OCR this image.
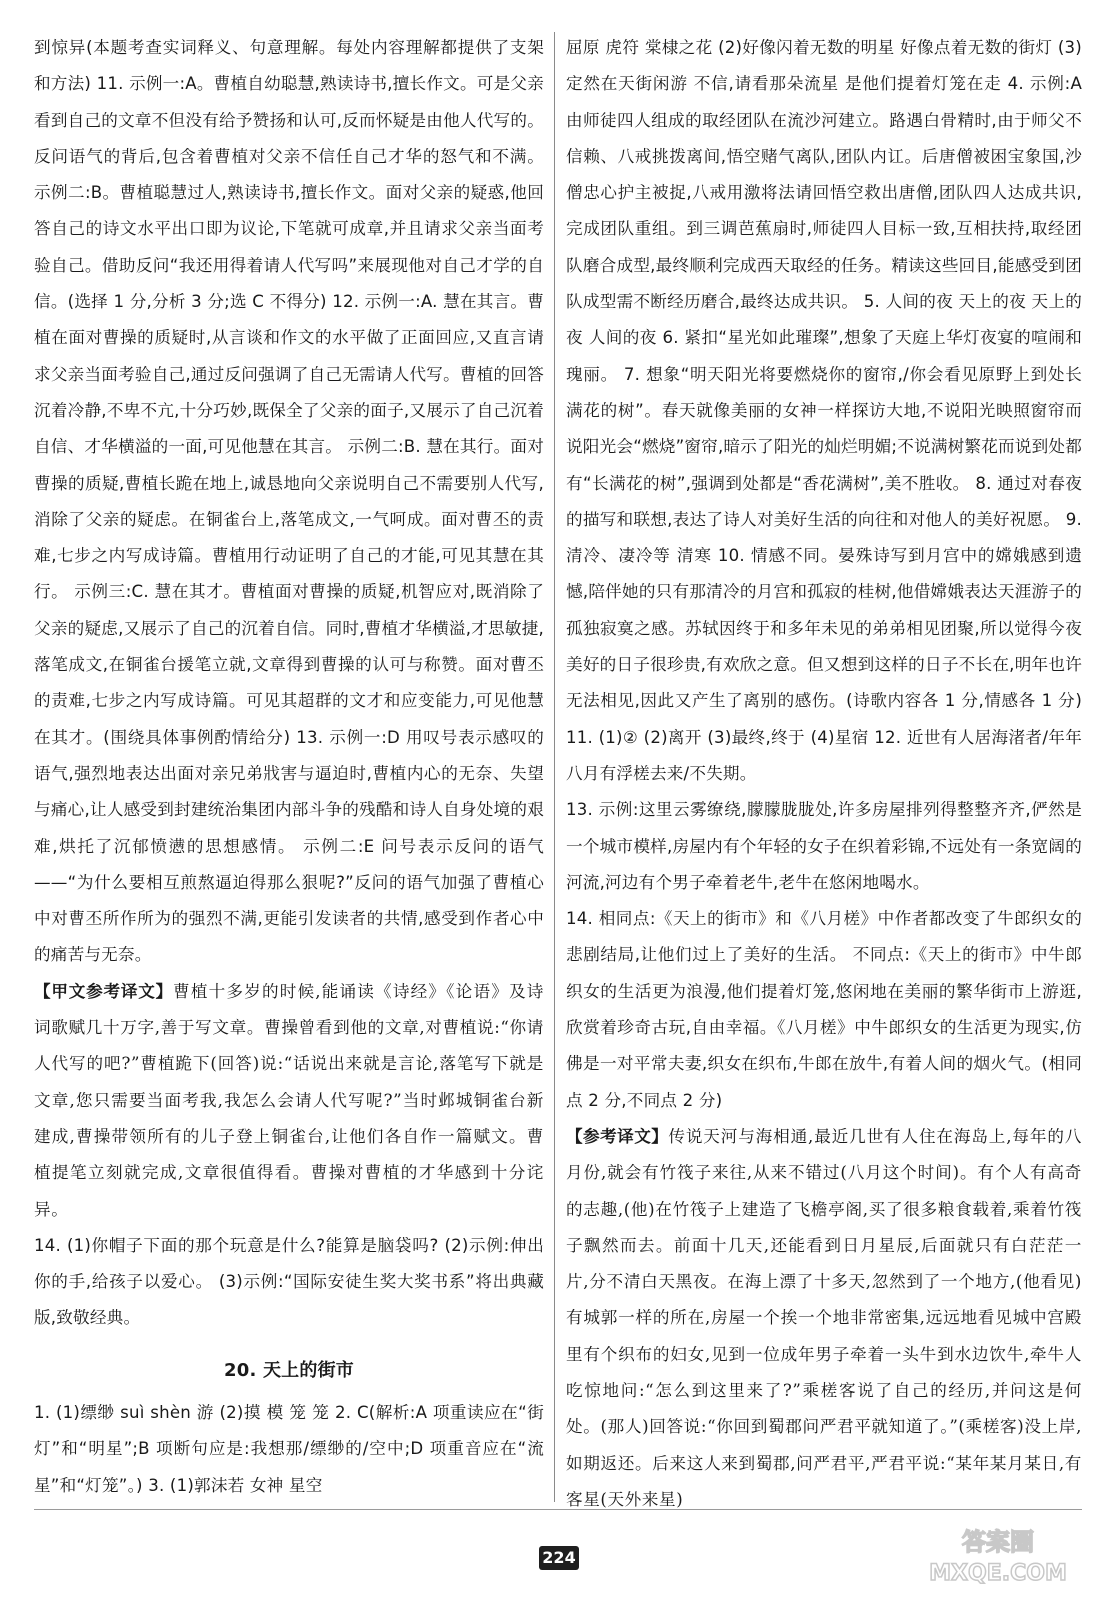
到惊异(本题考查实词释义、句意理解。每处内容理解都提供了支架和方法) 11. 示例一:A。曹植自幼聪慧,熟读诗书,擅长作文。可是父亲看到自己的文章不但没有给予赞扬和认可,反而怀疑是由他人代写的。反问语气的背后,包含着曹植对父亲不信任自己才华的怒气和不满。 示例二:B。曹植聪慧过人,熟读诗书,擅长作文。面对父亲的疑惑,他回答自己的诗文水平出口即为议论,下笔就可成章,并且请求父亲当面考验自己。借助反问“我还用得着请人代写吗”来展现他对自己才学的自信。(选择 1 分,分析 3 分;选 C 不得分) 12. 示例一:A. 慧在其言。曹植在面对曹操的质疑时,从言谈和作文的水平做了正面回应,又直言请求父亲当面考验自己,通过反问强调了自己无需请人代写。曹植的回答沉着冷静,不卑不亢,十分巧妙,既保全了父亲的面子,又展示了自己沉着自信、才华横溢的一面,可见他慧在其言。 示例二:B. 慧在其行。面对曹操的质疑,曹植长跪在地上,诚恳地向父亲说明自己不需要别人代写,消除了父亲的疑虑。在铜雀台上,落笔成文,一气呵成。面对曹丕的责难,七步之内写成诗篇。曹植用行动证明了自己的才能,可见其慧在其行。 示例三:C. 慧在其才。曹植面对曹操的质疑,机智应对,既消除了父亲的疑虑,又展示了自己的沉着自信。同时,曹植才华横溢,才思敏捷,落笔成文,在铜雀台援笔立就,文章得到曹操的认可与称赞。面对曹丕的责难,七步之内写成诗篇。可见其超群的文才和应变能力,可见他慧在其才。(围绕具体事例酌情给分) 13. 示例一:D 用叹号表示感叹的语气,强烈地表达出面对亲兄弟戕害与逼迫时,曹植内心的无奈、失望与痛心,让人感受到封建统治集团内部斗争的残酷和诗人自身处境的艰难,烘托了沉郁愤懑的思想感情。 示例二:E 问号表示反问的语气——“为什么要相互煎熬逼迫得那么狠呢?”反问的语气加强了曹植心中对曹丕所作所为的强烈不满,更能引发读者的共情,感受到作者心中的痛苦与无奈。

【甲文参考译文】曹植十多岁的时候,能诵读《诗经》《论语》及诗词歌赋几十万字,善于写文章。曹操曾看到他的文章,对曹植说:“你请人代写的吧?”曹植跪下(回答)说:“话说出来就是言论,落笔写下就是文章,您只需要当面考我,我怎么会请人代写呢?”当时邺城铜雀台新建成,曹操带领所有的儿子登上铜雀台,让他们各自作一篇赋文。曹植提笔立刻就完成,文章很值得看。曹操对曹植的才华感到十分诧异。

14. (1)你帽子下面的那个玩意是什么?能算是脑袋吗? (2)示例:伸出你的手,给孩子以爱心。 (3)示例:“国际安徒生奖大奖书系”将出典藏版,致敬经典。

20. 天上的街市

1. (1)缥缈 suì shèn 游 (2)摸 模 笼 笼 2. C(解析:A 项重读应在“街灯”和“明星”;B 项断句应是:我想那/缥缈的/空中;D 项重音应在“流星”和“灯笼”。) 3. (1)郭沫若 女神 星空

屈原 虎符 棠棣之花 (2)好像闪着无数的明星 好像点着无数的街灯 (3)定然在天街闲游 不信,请看那朵流星 是他们提着灯笼在走 4. 示例:A 由师徒四人组成的取经团队在流沙河建立。路遇白骨精时,由于师父不信赖、八戒挑拨离间,悟空赌气离队,团队内讧。后唐僧被困宝象国,沙僧忠心护主被捉,八戒用激将法请回悟空救出唐僧,团队四人达成共识,完成团队重组。到三调芭蕉扇时,师徒四人目标一致,互相扶持,取经团队磨合成型,最终顺利完成西天取经的任务。精读这些回目,能感受到团队成型需不断经历磨合,最终达成共识。 5. 人间的夜 天上的夜 天上的夜 人间的夜 6. 紧扣“星光如此璀璨”,想象了天庭上华灯夜宴的喧闹和瑰丽。 7. 想象“明天阳光将要燃烧你的窗帘,/你会看见原野上到处长满花的树”。春天就像美丽的女神一样探访大地,不说阳光映照窗帘而说阳光会“燃烧”窗帘,暗示了阳光的灿烂明媚;不说满树繁花而说到处都有“长满花的树”,强调到处都是“香花满树”,美不胜收。 8. 通过对春夜的描写和联想,表达了诗人对美好生活的向往和对他人的美好祝愿。 9. 清冷、凄冷等 清寒 10. 情感不同。晏殊诗写到月宫中的嫦娥感到遗憾,陪伴她的只有那清冷的月宫和孤寂的桂树,他借嫦娥表达天涯游子的孤独寂寞之感。苏轼因终于和多年未见的弟弟相见团聚,所以觉得今夜美好的日子很珍贵,有欢欣之意。但又想到这样的日子不长在,明年也许无法相见,因此又产生了离别的感伤。(诗歌内容各 1 分,情感各 1 分) 11. (1)② (2)离开 (3)最终,终于 (4)星宿 12. 近世有人居海渚者/年年八月有浮槎去来/不失期。

13. 示例:这里云雾缭绕,朦朦胧胧处,许多房屋排列得整整齐齐,俨然是一个城市模样,房屋内有个年轻的女子在织着彩锦,不远处有一条宽阔的河流,河边有个男子牵着老牛,老牛在悠闲地喝水。

14. 相同点:《天上的街市》和《八月槎》中作者都改变了牛郎织女的悲剧结局,让他们过上了美好的生活。 不同点:《天上的街市》中牛郎织女的生活更为浪漫,他们提着灯笼,悠闲地在美丽的繁华街市上游逛,欣赏着珍奇古玩,自由幸福。《八月槎》中牛郎织女的生活更为现实,仿佛是一对平常夫妻,织女在织布,牛郎在放牛,有着人间的烟火气。(相同点 2 分,不同点 2 分)

【参考译文】传说天河与海相通,最近几世有人住在海岛上,每年的八月份,就会有竹筏子来往,从来不错过(八月这个时间)。有个人有高奇的志趣,(他)在竹筏子上建造了飞檐亭阁,买了很多粮食载着,乘着竹筏子飘然而去。前面十几天,还能看到日月星辰,后面就只有白茫茫一片,分不清白天黑夜。在海上漂了十多天,忽然到了一个地方,(他看见)有城郭一样的所在,房屋一个挨一个地非常密集,远远地看见城中宫殿里有个织布的妇女,见到一位成年男子牵着一头牛到水边饮牛,牵牛人吃惊地问:“怎么到这里来了?”乘槎客说了自己的经历,并问这是何处。(那人)回答说:“你回到蜀郡问严君平就知道了。”(乘槎客)没上岸,如期返还。后来这人来到蜀郡,问严君平,严君平说:“某年某月某日,有客星(天外来星)

224
答案圈
MXQE.COM
